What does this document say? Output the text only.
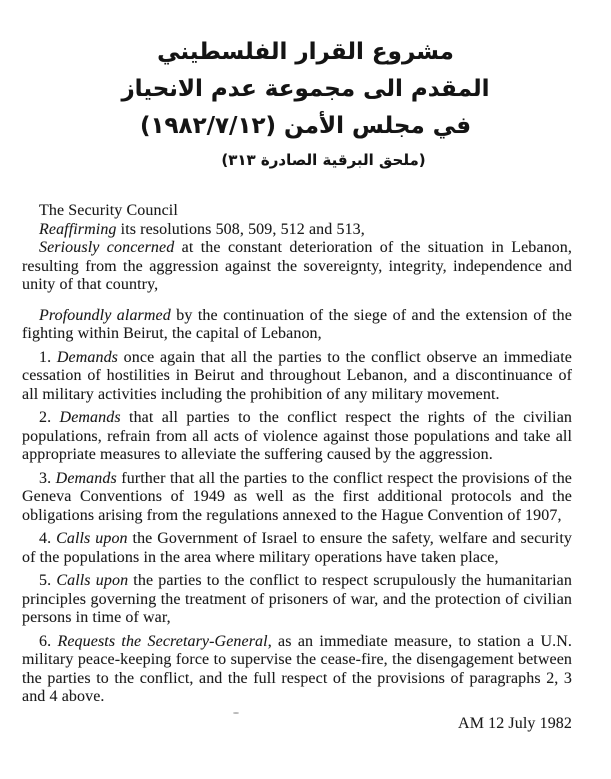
مشروع القرار الفلسطيني
المقدم الى مجموعة عدم الانحياز
في مجلس الأمن (١٩٨٢/٧/١٢)
(ملحق البرقية الصادرة ٣١٣)

The Security Council

Reaffirming its resolutions 508, 509, 512 and 513,

Seriously concerned at the constant deterioration of the situation in Lebanon, resulting from the aggression against the sovereignty, integrity, independence and unity of that country,

Profoundly alarmed by the continuation of the siege of and the extension of the fighting within Beirut, the capital of Lebanon,

1. Demands once again that all the parties to the conflict observe an immediate cessation of hostilities in Beirut and throughout Lebanon, and a discontinuance of all military activities including the prohibition of any military movement.

2. Demands that all parties to the conflict respect the rights of the civilian populations, refrain from all acts of violence against those populations and take all appropriate measures to alleviate the suffering caused by the aggression.

3. Demands further that all the parties to the conflict respect the provisions of the Geneva Conventions of 1949 as well as the first additional protocols and the obligations arising from the regulations annexed to the Hague Convention of 1907,

4. Calls upon the Government of Israel to ensure the safety, welfare and security of the populations in the area where military operations have taken place,

5. Calls upon the parties to the conflict to respect scrupulously the humanitarian principles governing the treatment of prisoners of war, and the protection of civilian persons in time of war,

6. Requests the Secretary-General, as an immediate measure, to station a U.N. military peace-keeping force to supervise the cease-fire, the disengagement between the parties to the conflict, and the full respect of the provisions of paragraphs 2, 3 and 4 above.

AM 12 July 1982
